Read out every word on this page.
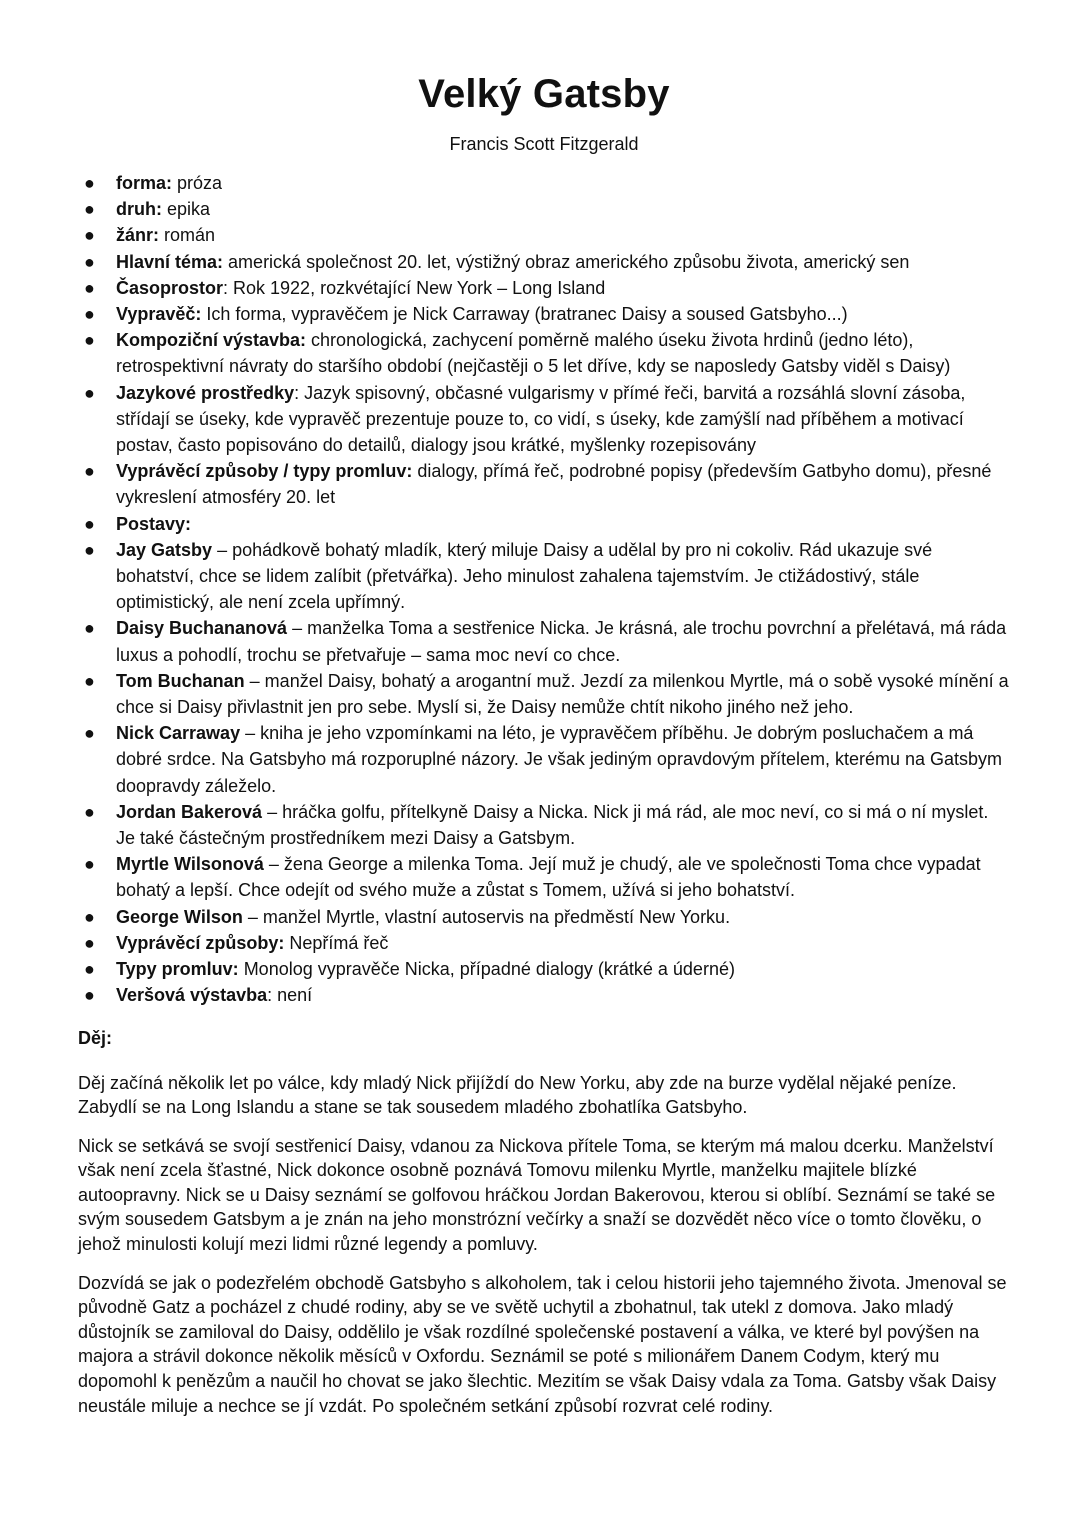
Velký Gatsby
Francis Scott Fitzgerald
● forma: próza
● druh: epika
● žánr: román
● Hlavní téma: americká společnost 20. let, výstižný obraz amerického způsobu života, americký sen
● Časoprostor: Rok 1922, rozkvétající New York – Long Island
● Vypravěč: Ich forma, vypravěčem je Nick Carraway (bratranec Daisy a soused Gatsbyho...)
● Kompoziční výstavba: chronologická, zachycení poměrně malého úseku života hrdinů (jedno léto), retrospektivní návraty do staršího období (nejčastěji o 5 let dříve, kdy se naposledy Gatsby viděl s Daisy)
● Jazykové prostředky: Jazyk spisovný, občasné vulgarismy v přímé řeči, barvitá a rozsáhlá slovní zásoba, střídají se úseky, kde vypravěč prezentuje pouze to, co vidí, s úseky, kde zamýšlí nad příběhem a motivací postav, často popisováno do detailů, dialogy jsou krátké, myšlenky rozepisovány
● Vyprávěcí způsoby / typy promluv: dialogy, přímá řeč, podrobné popisy (především Gatbyho domu), přesné vykreslení atmosféry 20. let
● Postavy:
● Jay Gatsby – pohádkově bohatý mladík, který miluje Daisy a udělal by pro ni cokoliv. Rád ukazuje své bohatství, chce se lidem zalíbit (přetvářka). Jeho minulost zahalena tajemstvím. Je ctižádostivý, stále optimistický, ale není zcela upřímný.
● Daisy Buchananová – manželka Toma a sestřenice Nicka. Je krásná, ale trochu povrchní a přelétavá, má ráda luxus a pohodlí, trochu se přetvařuje – sama moc neví co chce.
● Tom Buchanan – manžel Daisy, bohatý a arogantní muž. Jezdí za milenkou Myrtle, má o sobě vysoké mínění a chce si Daisy přivlastnit jen pro sebe. Myslí si, že Daisy nemůže chtít nikoho jiného než jeho.
● Nick Carraway – kniha je jeho vzpomínkami na léto, je vypravěčem příběhu. Je dobrým posluchačem a má dobré srdce. Na Gatsbyho má rozporuplné názory. Je však jediným opravdovým přítelem, kterému na Gatsbym doopravdy záleželo.
● Jordan Bakerová – hráčka golfu, přítelkyně Daisy a Nicka. Nick ji má rád, ale moc neví, co si má o ní myslet. Je také částečným prostředníkem mezi Daisy a Gatsbym.
● Myrtle Wilsonová – žena George a milenka Toma. Její muž je chudý, ale ve společnosti Toma chce vypadat bohatý a lepší. Chce odejít od svého muže a zůstat s Tomem, užívá si jeho bohatství.
● George Wilson – manžel Myrtle, vlastní autoservis na předměstí New Yorku.
● Vyprávěcí způsoby: Nepřímá řeč
● Typy promluv: Monolog vypravěče Nicka, případné dialogy (krátké a úderné)
● Veršová výstavba: není
Děj:

Děj začíná několik let po válce, kdy mladý Nick přijíždí do New Yorku, aby zde na burze vydělal nějaké peníze. Zabydlí se na Long Islandu a stane se tak sousedem mladého zbohatlíka Gatsbyho.

Nick se setkává se svojí sestřenicí Daisy, vdanou za Nickova přítele Toma, se kterým má malou dcerku. Manželství však není zcela šťastné, Nick dokonce osobně poznává Tomovu milenku Myrtle, manželku majitele blízké autoopravny. Nick se u Daisy seznámí se golfovou hráčkou Jordan Bakerovou, kterou si oblíbí. Seznámí se také se svým sousedem Gatsbym a je znán na jeho monstrózní večírky a snaží se dozvědět něco více o tomto člověku, o jehož minulosti kolují mezi lidmi různé legendy a pomluvy.

Dozvídá se jak o podezřelém obchodě Gatsbyho s alkoholem, tak i celou historii jeho tajemného života. Jmenoval se původně Gatz a pocházel z chudé rodiny, aby se ve světě uchytil a zbohatnul, tak utekl z domova. Jako mladý důstojník se zamiloval do Daisy, oddělilo je však rozdílné společenské postavení a válka, ve které byl povýšen na majora a strávil dokonce několik měsíců v Oxfordu. Seznámil se poté s milionářem Danem Codym, který mu dopomohl k penězům a naučil ho chovat se jako šlechtic. Mezitím se však Daisy vdala za Toma. Gatsby však Daisy neustále miluje a nechce se jí vzdát. Po společném setkání způsobí rozvrat celé rodiny.
